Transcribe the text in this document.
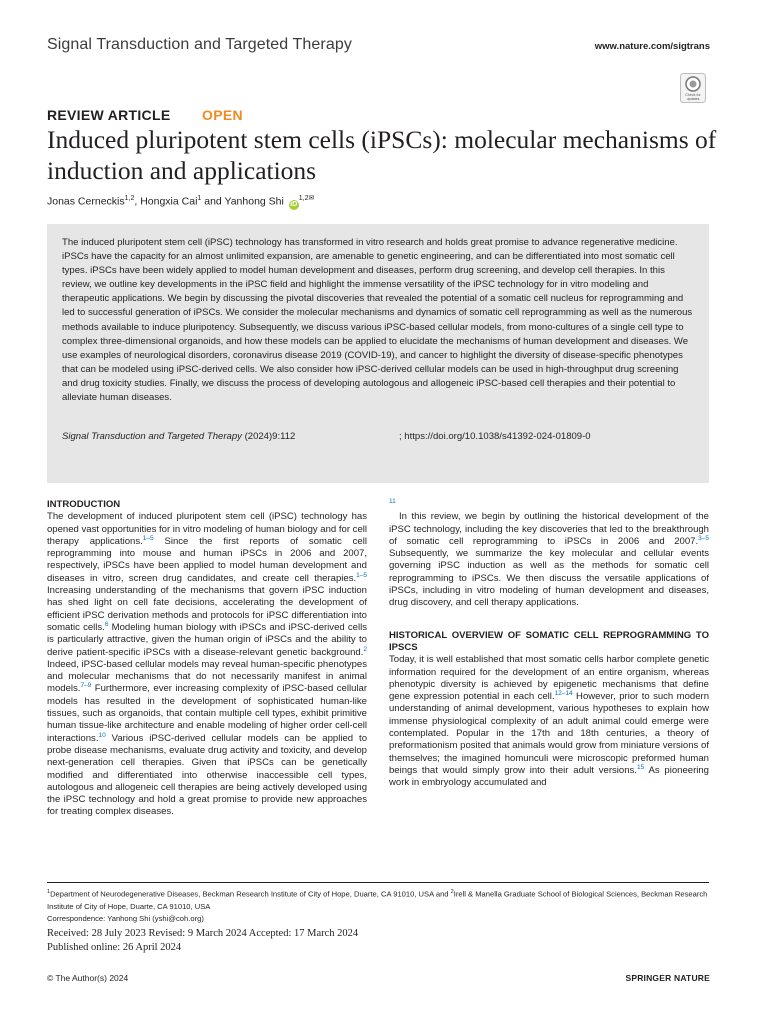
Signal Transduction and Targeted Therapy	www.nature.com/sigtrans
Check for
updates
REVIEW ARTICLE OPEN
Induced pluripotent stem cells (iPSCs): molecular mechanisms of induction and applications
Jonas Cerneckis$^{1,2}$, Hongxia Cai$^1$ and Yanhong Shi $iD^{1,2✉}$

The induced pluripotent stem cell (iPSC) technology has transformed in vitro research and holds great promise to advance regenerative medicine. iPSCs have the capacity for an almost unlimited expansion, are amenable to genetic engineering, and can be differentiated into most somatic cell types. iPSCs have been widely applied to model human development and diseases, perform drug screening, and develop cell therapies. In this review, we outline key developments in the iPSC field and highlight the immense versatility of the iPSC technology for in vitro modeling and therapeutic applications. We begin by discussing the pivotal discoveries that revealed the potential of a somatic cell nucleus for reprogramming and led to successful generation of iPSCs. We consider the molecular mechanisms and dynamics of somatic cell reprogramming as well as the numerous methods available to induce pluripotency. Subsequently, we discuss various iPSC-based cellular models, from mono-cultures of a single cell type to complex three-dimensional organoids, and how these models can be applied to elucidate the mechanisms of human development and diseases. We use examples of neurological disorders, coronavirus disease 2019 (COVID-19), and cancer to highlight the diversity of disease-specific phenotypes that can be modeled using iPSC-derived cells. We also consider how iPSC-derived cellular models can be used in high-throughput drug screening and drug toxicity studies. Finally, we discuss the process of developing autologous and allogeneic iPSC-based cell therapies and their potential to alleviate human diseases.

Signal Transduction and Targeted Therapy (2024)9:112	; https://doi.org/10.1038/s41392-024-01809-0
INTRODUCTION

The development of induced pluripotent stem cell (iPSC) technology has opened vast opportunities for in vitro modeling of human biology and for cell therapy applications.$^{1-5}$ Since the first reports of somatic cell reprogramming into mouse and human iPSCs in 2006 and 2007, respectively, iPSCs have been applied to model human development and diseases in vitro, screen drug candidates, and create cell therapies.$^{1-5}$ Increasing understanding of the mechanisms that govern iPSC induction has shed light on cell fate decisions, accelerating the development of efficient iPSC derivation methods and protocols for iPSC differentiation into somatic cells.$^6$ Modeling human biology with iPSCs and iPSC-derived cells is particularly attractive, given the human origin of iPSCs and the ability to derive patient-specific iPSCs with a disease-relevant genetic background.$^2$ Indeed, iPSC-based cellular models may reveal human-specific phenotypes and molecular mechanisms that do not necessarily manifest in animal models.$^{7-9}$ Furthermore, ever increasing complexity of iPSC-based cellular models has resulted in the development of sophisticated human-like tissues, such as organoids, that contain multiple cell types, exhibit primitive human tissue-like architecture and enable modeling of higher order cell-cell interactions.$^{10}$ Various iPSC-derived cellular models can be applied to probe disease mechanisms, evaluate drug activity and toxicity, and develop next-generation cell therapies. Given that iPSCs can be genetically modified and differentiated into otherwise inaccessible cell types, autologous and allogeneic cell therapies are being actively developed using the iPSC technology and hold a great promise to provide new approaches for treating complex diseases.

$^{11}$

In this review, we begin by outlining the historical development of the iPSC technology, including the key discoveries that led to the breakthrough of somatic cell reprogramming to iPSCs in 2006 and 2007.$^{3-5}$ Subsequently, we summarize the key molecular and cellular events governing iPSC induction as well as the methods for somatic cell reprogramming to iPSCs. We then discuss the versatile applications of iPSCs, including in vitro modeling of human development and diseases, drug discovery, and cell therapy applications.

HISTORICAL OVERVIEW OF SOMATIC CELL REPROGRAMMING TO IPSCS

Today, it is well established that most somatic cells harbor complete genetic information required for the development of an entire organism, whereas phenotypic diversity is achieved by epigenetic mechanisms that define gene expression potential in each cell.$^{12-14}$ However, prior to such modern understanding of animal development, various hypotheses to explain how immense physiological complexity of an adult animal could emerge were contemplated. Popular in the 17th and 18th centuries, a theory of preformationism posited that animals would grow from miniature versions of themselves; the imagined homunculi were microscopic preformed human beings that would simply grow into their adult versions.$^{15}$ As pioneering work in embryology accumulated and

$^1$Department of Neurodegenerative Diseases, Beckman Research Institute of City of Hope, Duarte, CA 91010, USA and $^2$Irell & Manella Graduate School of Biological Sciences, Beckman Research Institute of City of Hope, Duarte, CA 91010, USA
Correspondence: Yanhong Shi (yshi@coh.org)
Received: 28 July 2023 Revised: 9 March 2024 Accepted: 17 March 2024
Published online: 26 April 2024
© The Author(s) 2024	SPRINGER NATURE
